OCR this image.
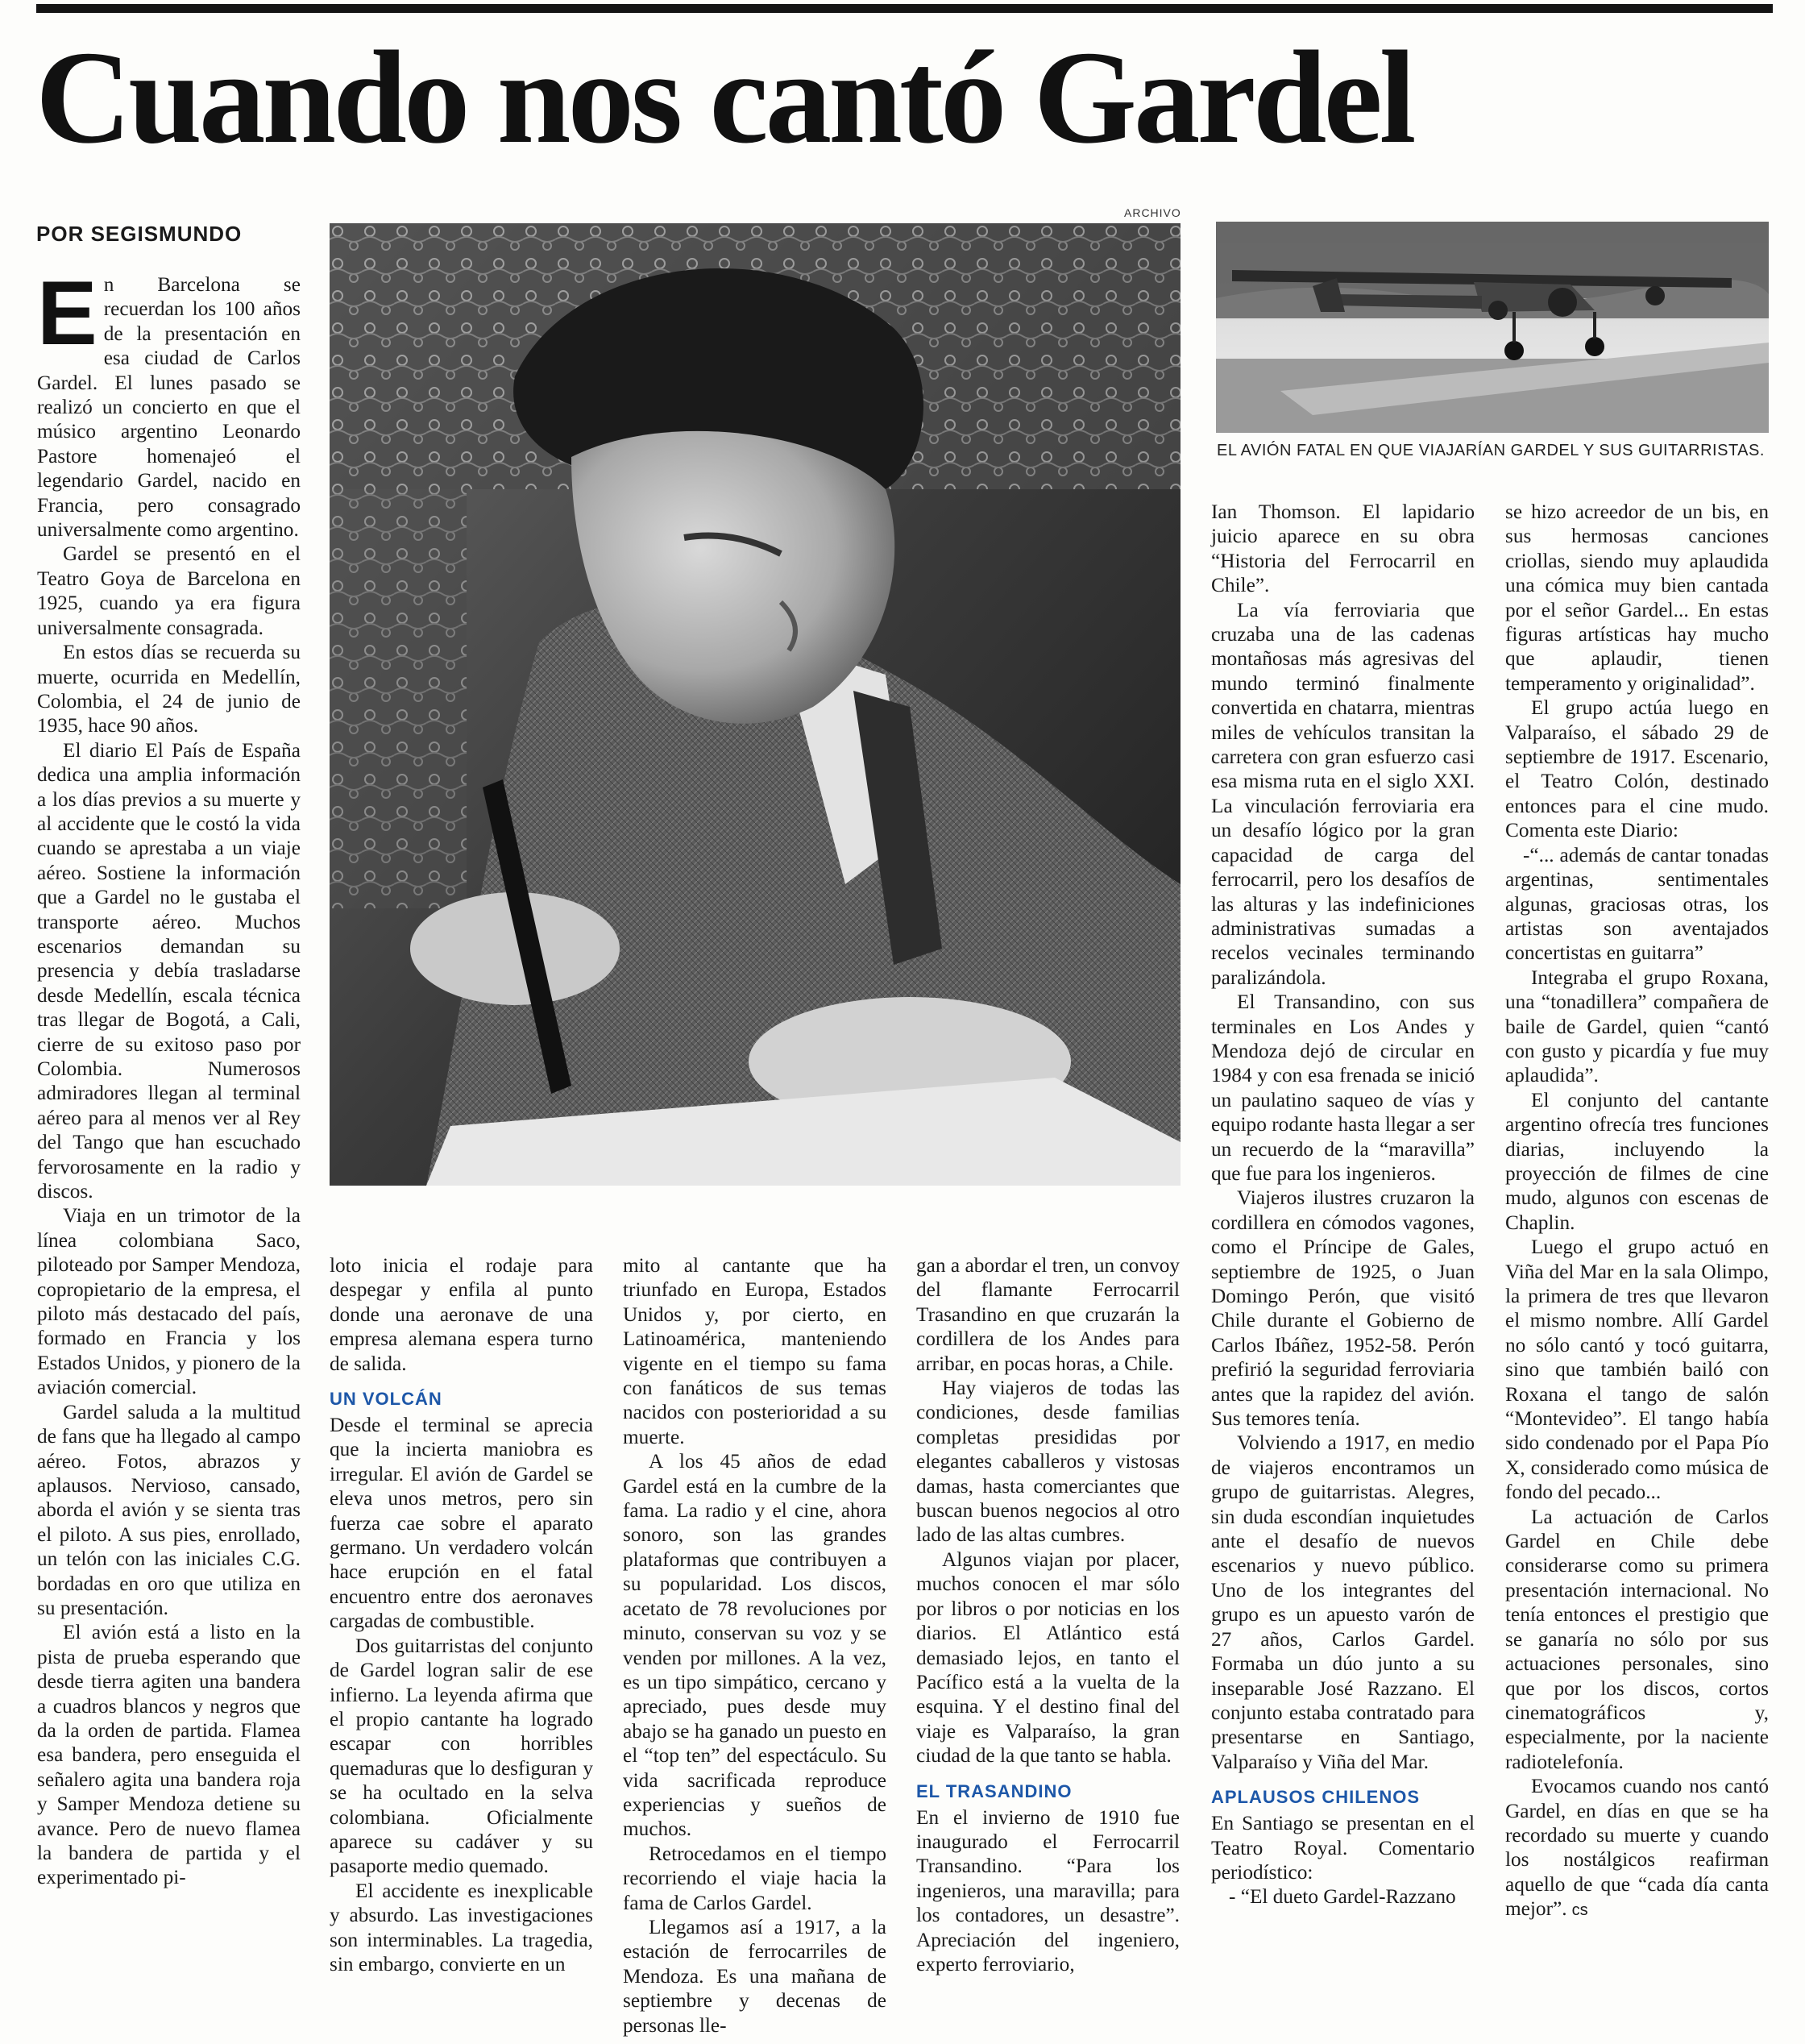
Cuando nos cantó Gardel
POR SEGISMUNDO
ARCHIVO
EL AVIÓN FATAL EN QUE VIAJARÍAN GARDEL Y SUS GUITARRISTAS.

En Barcelona se recuerdan los 100 años de la presentación en esa ciudad de Carlos Gardel. El lunes pasado se realizó un concierto en que el músico argentino Leonardo Pastore homenajeó el legendario Gardel, nacido en Francia, pero consagrado universalmente como argentino.

Gardel se presentó en el Teatro Goya de Barcelona en 1925, cuando ya era figura universalmente consagrada.

En estos días se recuerda su muerte, ocurrida en Medellín, Colombia, el 24 de junio de 1935, hace 90 años.

El diario El País de España dedica una amplia información a los días previos a su muerte y al accidente que le costó la vida cuando se aprestaba a un viaje aéreo. Sostiene la información que a Gardel no le gustaba el transporte aéreo. Muchos escenarios demandan su presencia y debía trasladarse desde Medellín, escala técnica tras llegar de Bogotá, a Cali, cierre de su exitoso paso por Colombia. Numerosos admiradores llegan al terminal aéreo para al menos ver al Rey del Tango que han escuchado fervorosamente en la radio y discos.

Viaja en un trimotor de la línea colombiana Saco, piloteado por Samper Mendoza, copropietario de la empresa, el piloto más destacado del país, formado en Francia y los Estados Unidos, y pionero de la aviación comercial.

Gardel saluda a la multitud de fans que ha llegado al campo aéreo. Fotos, abrazos y aplausos. Nervioso, cansado, aborda el avión y se sienta tras el piloto. A sus pies, enrollado, un telón con las iniciales C.G. bordadas en oro que utiliza en su presentación.

El avión está a listo en la pista de prueba esperando que desde tierra agiten una bandera a cuadros blancos y negros que da la orden de partida. Flamea esa bandera, pero enseguida el señalero agita una bandera roja y Samper Mendoza detiene su avance. Pero de nuevo flamea la bandera de partida y el experimentado pi-

loto inicia el rodaje para despegar y enfila al punto donde una aeronave de una empresa alemana espera turno de salida.

UN VOLCÁN

Desde el terminal se aprecia que la incierta maniobra es irregular. El avión de Gardel se eleva unos metros, pero sin fuerza cae sobre el aparato germano. Un verdadero volcán hace erupción en el fatal encuentro entre dos aeronaves cargadas de combustible.

Dos guitarristas del conjunto de Gardel logran salir de ese infierno. La leyenda afirma que el propio cantante ha logrado escapar con horribles quemaduras que lo desfiguran y se ha ocultado en la selva colombiana. Oficialmente aparece su cadáver y su pasaporte medio quemado.

El accidente es inexplicable y absurdo. Las investigaciones son interminables. La tragedia, sin embargo, convierte en un

mito al cantante que ha triunfado en Europa, Estados Unidos y, por cierto, en Latinoamérica, manteniendo vigente en el tiempo su fama con fanáticos de sus temas nacidos con posterioridad a su muerte.

A los 45 años de edad Gardel está en la cumbre de la fama. La radio y el cine, ahora sonoro, son las grandes plataformas que contribuyen a su popularidad. Los discos, acetato de 78 revoluciones por minuto, conservan su voz y se venden por millones. A la vez, es un tipo simpático, cercano y apreciado, pues desde muy abajo se ha ganado un puesto en el “top ten” del espectáculo. Su vida sacrificada reproduce experiencias y sueños de muchos.

Retrocedamos en el tiempo recorriendo el viaje hacia la fama de Carlos Gardel.

Llegamos así a 1917, a la estación de ferrocarriles de Mendoza. Es una mañana de septiembre y decenas de personas lle-

gan a abordar el tren, un convoy del flamante Ferrocarril Trasandino en que cruzarán la cordillera de los Andes para arribar, en pocas horas, a Chile.

Hay viajeros de todas las condiciones, desde familias completas presididas por elegantes caballeros y vistosas damas, hasta comerciantes que buscan buenos negocios al otro lado de las altas cumbres.

Algunos viajan por placer, muchos conocen el mar sólo por libros o por noticias en los diarios. El Atlántico está demasiado lejos, en tanto el Pacífico está a la vuelta de la esquina. Y el destino final del viaje es Valparaíso, la gran ciudad de la que tanto se habla.

EL TRASANDINO

En el invierno de 1910 fue inaugurado el Ferrocarril Transandino. “Para los ingenieros, una maravilla; para los contadores, un desastre”. Apreciación del ingeniero, experto ferroviario,

Ian Thomson. El lapidario juicio aparece en su obra “Historia del Ferrocarril en Chile”.

La vía ferroviaria que cruzaba una de las cadenas montañosas más agresivas del mundo terminó finalmente convertida en chatarra, mientras miles de vehículos transitan la carretera con gran esfuerzo casi esa misma ruta en el siglo XXI. La vinculación ferroviaria era un desafío lógico por la gran capacidad de carga del ferrocarril, pero los desafíos de las alturas y las indefiniciones administrativas sumadas a recelos vecinales terminando paralizándola.

El Transandino, con sus terminales en Los Andes y Mendoza dejó de circular en 1984 y con esa frenada se inició un paulatino saqueo de vías y equipo rodante hasta llegar a ser un recuerdo de la “maravilla” que fue para los ingenieros.

Viajeros ilustres cruzaron la cordillera en cómodos vagones, como el Príncipe de Gales, septiembre de 1925, o Juan Domingo Perón, que visitó Chile durante el Gobierno de Carlos Ibáñez, 1952-58. Perón prefirió la seguridad ferroviaria antes que la rapidez del avión. Sus temores tenía.

Volviendo a 1917, en medio de viajeros encontramos un grupo de guitarristas. Alegres, sin duda escondían inquietudes ante el desafío de nuevos escenarios y nuevo público. Uno de los integrantes del grupo es un apuesto varón de 27 años, Carlos Gardel. Formaba un dúo junto a su inseparable José Razzano. El conjunto estaba contratado para presentarse en Santiago, Valparaíso y Viña del Mar.

APLAUSOS CHILENOS

En Santiago se presentan en el Teatro Royal. Comentario periodístico:

- “El dueto Gardel-Razzano

se hizo acreedor de un bis, en sus hermosas canciones criollas, siendo muy aplaudida una cómica muy bien cantada por el señor Gardel... En estas figuras artísticas hay mucho que aplaudir, tienen temperamento y originalidad”.

El grupo actúa luego en Valparaíso, el sábado 29 de septiembre de 1917. Escenario, el Teatro Colón, destinado entonces para el cine mudo. Comenta este Diario:

-“... además de cantar tonadas argentinas, sentimentales algunas, graciosas otras, los artistas son aventajados concertistas en guitarra”

Integraba el grupo Roxana, una “tonadillera” compañera de baile de Gardel, quien “cantó con gusto y picardía y fue muy aplaudida”.

El conjunto del cantante argentino ofrecía tres funciones diarias, incluyendo la proyección de filmes de cine mudo, algunos con escenas de Chaplin.

Luego el grupo actuó en Viña del Mar en la sala Olimpo, la primera de tres que llevaron el mismo nombre. Allí Gardel no sólo cantó y tocó guitarra, sino que también bailó con Roxana el tango de salón “Montevideo”. El tango había sido condenado por el Papa Pío X, considerado como música de fondo del pecado...

La actuación de Carlos Gardel en Chile debe considerarse como su primera presentación internacional. No tenía entonces el prestigio que se ganaría no sólo por sus actuaciones personales, sino que por los discos, cortos cinematográficos y, especialmente, por la naciente radiotelefonía.

Evocamos cuando nos cantó Gardel, en días en que se ha recordado su muerte y cuando los nostálgicos reafirman aquello de que “cada día canta mejor”. cs
